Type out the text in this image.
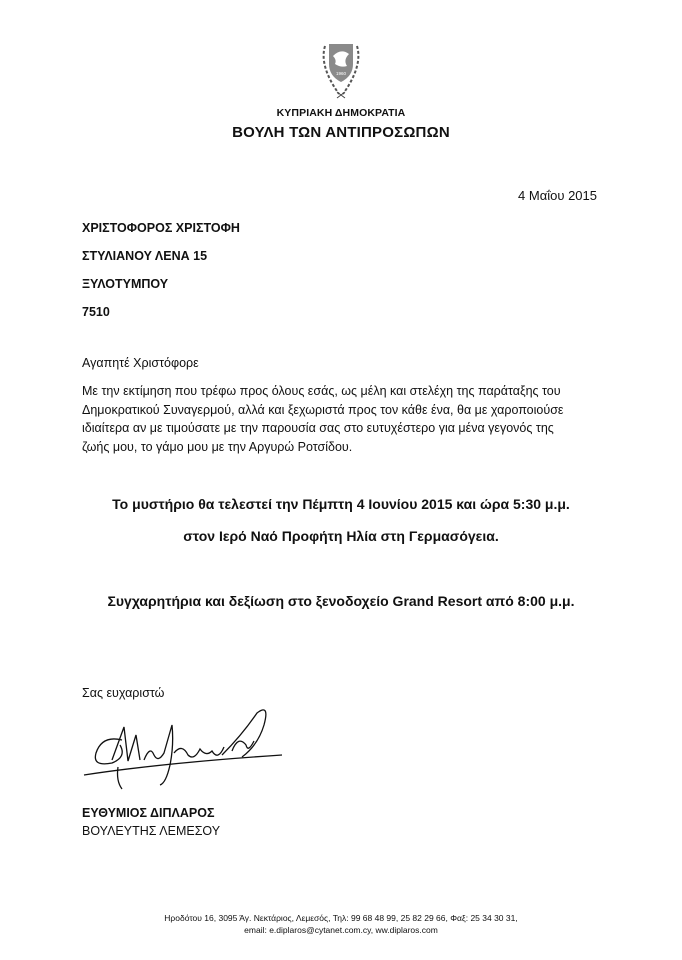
1960
ΚΥΠΡΙΑΚΗ ΔΗΜΟΚΡΑΤΙΑ
ΒΟΥΛΗ ΤΩΝ ΑΝΤΙΠΡΟΣΩΠΩΝ
4 Μαΐου 2015
ΧΡΙΣΤΟΦΟΡΟΣ ΧΡΙΣΤΟΦΗ
ΣΤΥΛΙΑΝΟΥ ΛΕΝΑ 15
ΞΥΛΟΤΥΜΠΟΥ
7510
Αγαπητέ Χριστόφορε
Με την εκτίμηση που τρέφω προς όλους εσάς, ως μέλη και στελέχη της παράταξης του
Δημοκρατικού Συναγερμού, αλλά και ξεχωριστά προς τον κάθε ένα, θα με χαροποιούσε
ιδιαίτερα αν με τιμούσατε με την παρουσία σας στο ευτυχέστερο για μένα γεγονός της
ζωής μου, το γάμο μου με την Αργυρώ Ροτσίδου.
Το μυστήριο θα τελεστεί την Πέμπτη 4 Ιουνίου 2015 και ώρα 5:30 μ.μ.
στον Ιερό Ναό Προφήτη Ηλία στη Γερμασόγεια.
Συγχαρητήρια και δεξίωση στο ξενοδοχείο Grand Resort από 8:00 μ.μ.
Σας ευχαριστώ
ΕΥΘΥΜΙΟΣ ΔΙΠΛΑΡΟΣ
ΒΟΥΛΕΥΤΗΣ ΛΕΜΕΣΟΥ
Ηροδότου 16, 3095 Άγ. Νεκτάριος, Λεμεσός, Τηλ: 99 68 48 99, 25 82 29 66, Φαξ: 25 34 30 31,
email: e.diplaros@cytanet.com.cy, ww.diplaros.com
